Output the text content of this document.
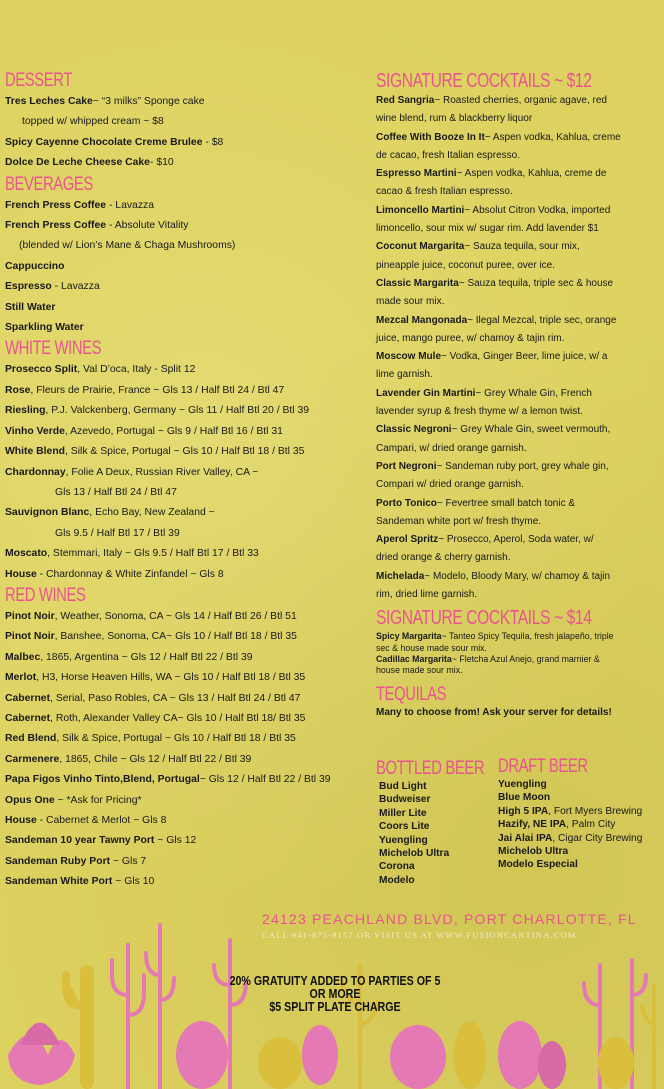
DESSERT
Tres Leches Cake~ “3 milks” Sponge cake
topped w/ whipped cream ~ $8
Spicy Cayenne Chocolate Creme Brulee - $8
Dolce De Leche Cheese Cake- $10
BEVERAGES
French Press Coffee - Lavazza
French Press Coffee - Absolute Vitality
(blended w/ Lion’s Mane & Chaga Mushrooms)
Cappuccino
Espresso - Lavazza
Still Water
Sparkling Water
WHITE WINES
Prosecco Split, Val D’oca, Italy - Split 12
Rose, Fleurs de Prairie, France ~ Gls 13 / Half Btl 24 / Btl 47
Riesling, P.J. Valckenberg, Germany ~ Gls 11 / Half Btl 20 / Btl 39
Vinho Verde, Azevedo, Portugal ~ Gls 9 / Half Btl 16 / Btl 31
White Blend, Silk & Spice, Portugal ~ Gls 10 / Half Btl 18 / Btl 35
Chardonnay, Folie A Deux, Russian River Valley, CA ~
Gls 13 / Half Btl 24 / Btl 47
Sauvignon Blanc, Echo Bay, New Zealand ~
Gls 9.5 / Half Btl 17 / Btl 39
Moscato, Stemmari, Italy ~ Gls 9.5 / Half Btl 17 / Btl 33
House - Chardonnay & White Zinfandel ~ Gls 8
RED WINES
Pinot Noir, Weather, Sonoma, CA ~ Gls 14 / Half Btl 26 / Btl 51
Pinot Noir, Banshee, Sonoma, CA~ Gls 10 / Half Btl 18 / Btl 35
Malbec, 1865, Argentina ~ Gls 12 / Half Btl 22 / Btl 39
Merlot, H3, Horse Heaven Hills, WA ~ Gls 10 / Half Btl 18 / Btl 35
Cabernet, Serial, Paso Robles, CA ~ Gls 13 / Half Btl 24 / Btl 47
Cabernet, Roth, Alexander Valley CA~ Gls 10 / Half Btl 18/ Btl 35
Red Blend, Silk & Spice, Portugal ~ Gls 10 / Half Btl 18 / Btl 35
Carmenere, 1865, Chile ~ Gls 12 / Half Btl 22 / Btl 39
Papa Figos Vinho Tinto,Blend, Portugal~ Gls 12 / Half Btl 22 / Btl 39
Opus One ~ *Ask for Pricing*
House - Cabernet & Merlot ~ Gls 8
Sandeman 10 year Tawny Port ~ Gls 12
Sandeman Ruby Port ~ Gls 7
Sandeman White Port ~ Gls 10
SIGNATURE COCKTAILS ~ $12
Red Sangria~ Roasted cherries, organic agave, red
wine blend, rum & blackberry liquor
Coffee With Booze In It~ Aspen vodka, Kahlua, creme
de cacao, fresh Italian espresso.
Espresso Martini~ Aspen vodka, Kahlua, creme de
cacao & fresh Italian espresso.
Limoncello Martini~ Absolut Citron Vodka, imported
limoncello, sour mix w/ sugar rim. Add lavender $1
Coconut Margarita~ Sauza tequila, sour mix,
pineapple juice, coconut puree, over ice.
Classic Margarita~ Sauza tequila, triple sec & house
made sour mix.
Mezcal Mangonada~ Ilegal Mezcal, triple sec, orange
juice, mango puree, w/ chamoy & tajin rim.
Moscow Mule~ Vodka, Ginger Beer, lime juice, w/ a
lime garnish.
Lavender Gin Martini~ Grey Whale Gin, French
lavender syrup & fresh thyme w/ a lemon twist.
Classic Negroni~ Grey Whale Gin, sweet vermouth,
Campari, w/ dried orange garnish.
Port Negroni~ Sandeman ruby port, grey whale gin,
Compari w/ dried orange garnish.
Porto Tonico~ Fevertree small batch tonic &
Sandeman white port w/ fresh thyme.
Aperol Spritz~ Prosecco, Aperol, Soda water, w/
dried orange & cherry garnish.
Michelada~ Modelo, Bloody Mary, w/ chamoy & tajin
rim, dried lime garnish.
SIGNATURE COCKTAILS ~ $14
Spicy Margarita~ Tanteo Spicy Tequila, fresh jalapeño, triple
sec & house made sour mix.
Cadillac Margarita~ Fletcha Azul Anejo, grand marnier &
house made sour mix.
TEQUILAS
Many to choose from! Ask your server for details!
BOTTLED BEER
Bud Light
Budweiser
Miller Lite
Coors Lite
Yuengling
Michelob Ultra
Corona
Modelo
DRAFT BEER
Yuengling
Blue Moon
High 5 IPA, Fort Myers Brewing
Hazify, NE IPA, Palm City
Jai Alai IPA, Cigar City Brewing
Michelob Ultra
Modelo Especial
24123 PEACHLAND BLVD, PORT CHARLOTTE, FL
CALL 941-875-9157 OR VISIT US AT WWW.FUSIONCANTINA.COM
20% GRATUITY ADDED TO PARTIES OF 5 OR MORE
$5 SPLIT PLATE CHARGE
